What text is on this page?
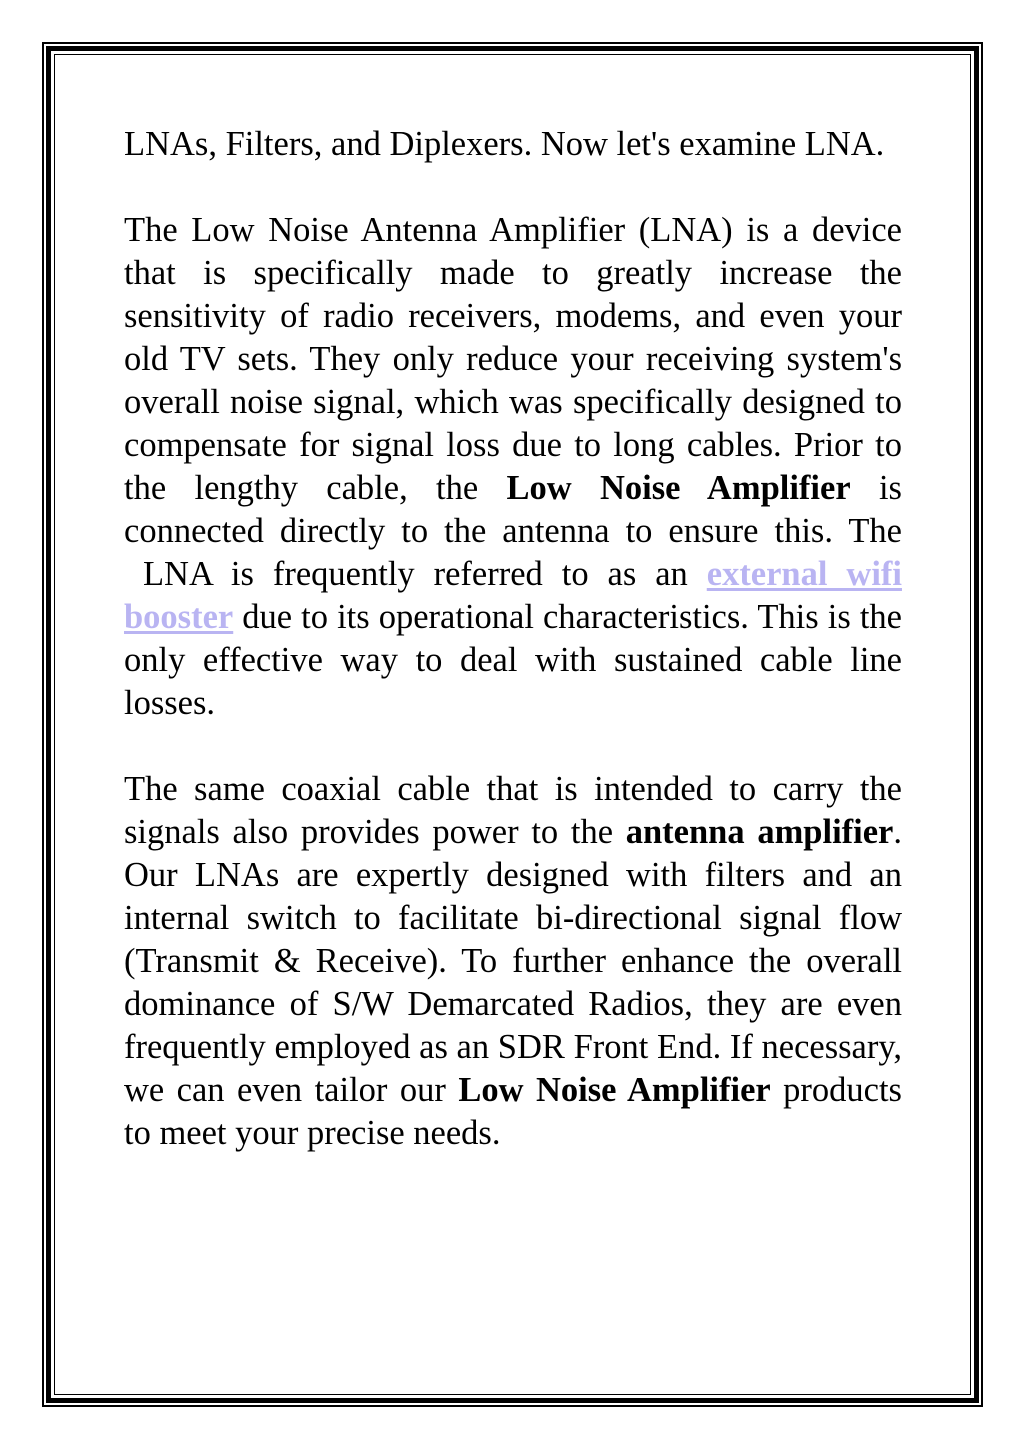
LNAs, Filters, and Diplexers. Now let's examine LNA.

The Low Noise Antenna Amplifier (LNA) is a device that is specifically made to greatly increase the sensitivity of radio receivers, modems, and even your old TV sets. They only reduce your receiving system's overall noise signal, which was specifically designed to compensate for signal loss due to long cables. Prior to the lengthy cable, the Low Noise Amplifier is connected directly to the antenna to ensure this. The  LNA is frequently referred to as an external wifi booster due to its operational characteristics. This is the only effective way to deal with sustained cable line losses.

The same coaxial cable that is intended to carry the signals also provides power to the antenna amplifier. Our LNAs are expertly designed with filters and an internal switch to facilitate bi-directional signal flow (Transmit & Receive). To further enhance the overall dominance of S/W Demarcated Radios, they are even frequently employed as an SDR Front End. If necessary, we can even tailor our Low Noise Amplifier products to meet your precise needs.
